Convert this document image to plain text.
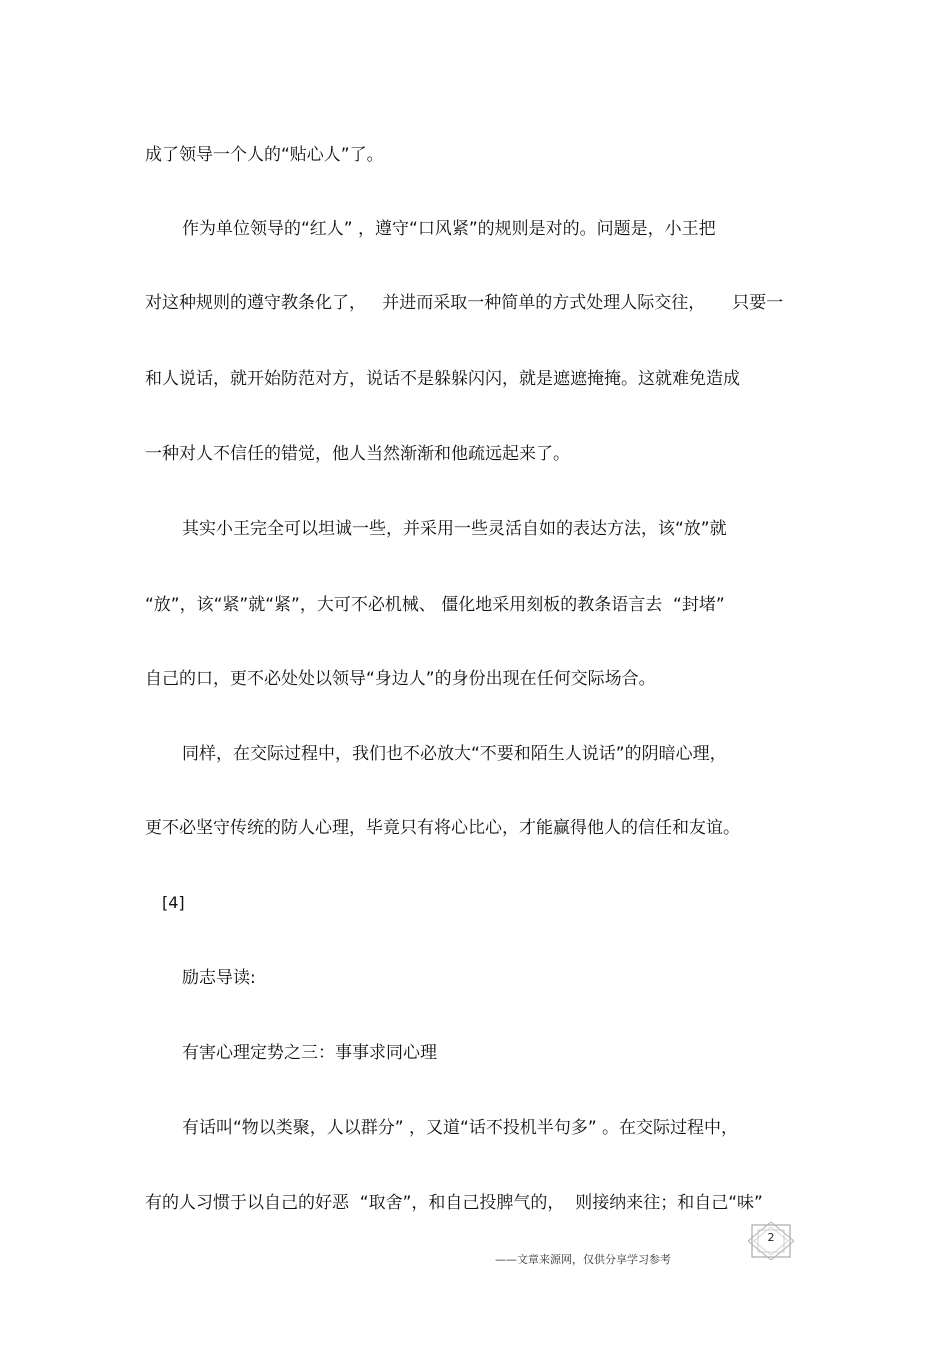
成了领导一个人的“贴心人”了。
作为单位领导的“红人” ，遵守“口风紧”的规则是对的。问题是，小王把
对这种规则的遵守教条化了，   并进而采取一种简单的方式处理人际交往，     只要一
和人说话，就开始防范对方，说话不是躲躲闪闪，就是遮遮掩掩。这就难免造成
一种对人不信任的错觉，他人当然渐渐和他疏远起来了。
其实小王完全可以坦诚一些，并采用一些灵活自如的表达方法，该“放”就
“放”，该“紧”就“紧”，大可不必机械、 僵化地采用刻板的教条语言去  “封堵”
自己的口，更不必处处以领导“身边人”的身份出现在任何交际场合。
同样，在交际过程中，我们也不必放大“不要和陌生人说话”的阴暗心理，
更不必坚守传统的防人心理，毕竟只有将心比心，才能赢得他人的信任和友谊。
[4]
励志导读:
有害心理定势之三：事事求同心理
有话叫“物以类聚，人以群分” ，又道“话不投机半句多” 。在交际过程中，
有的人习惯于以自己的好恶  “取舍”，和自己投脾气的，  则接纳来往；和自己“味”
——文章来源网，仅供分享学习参考
2
